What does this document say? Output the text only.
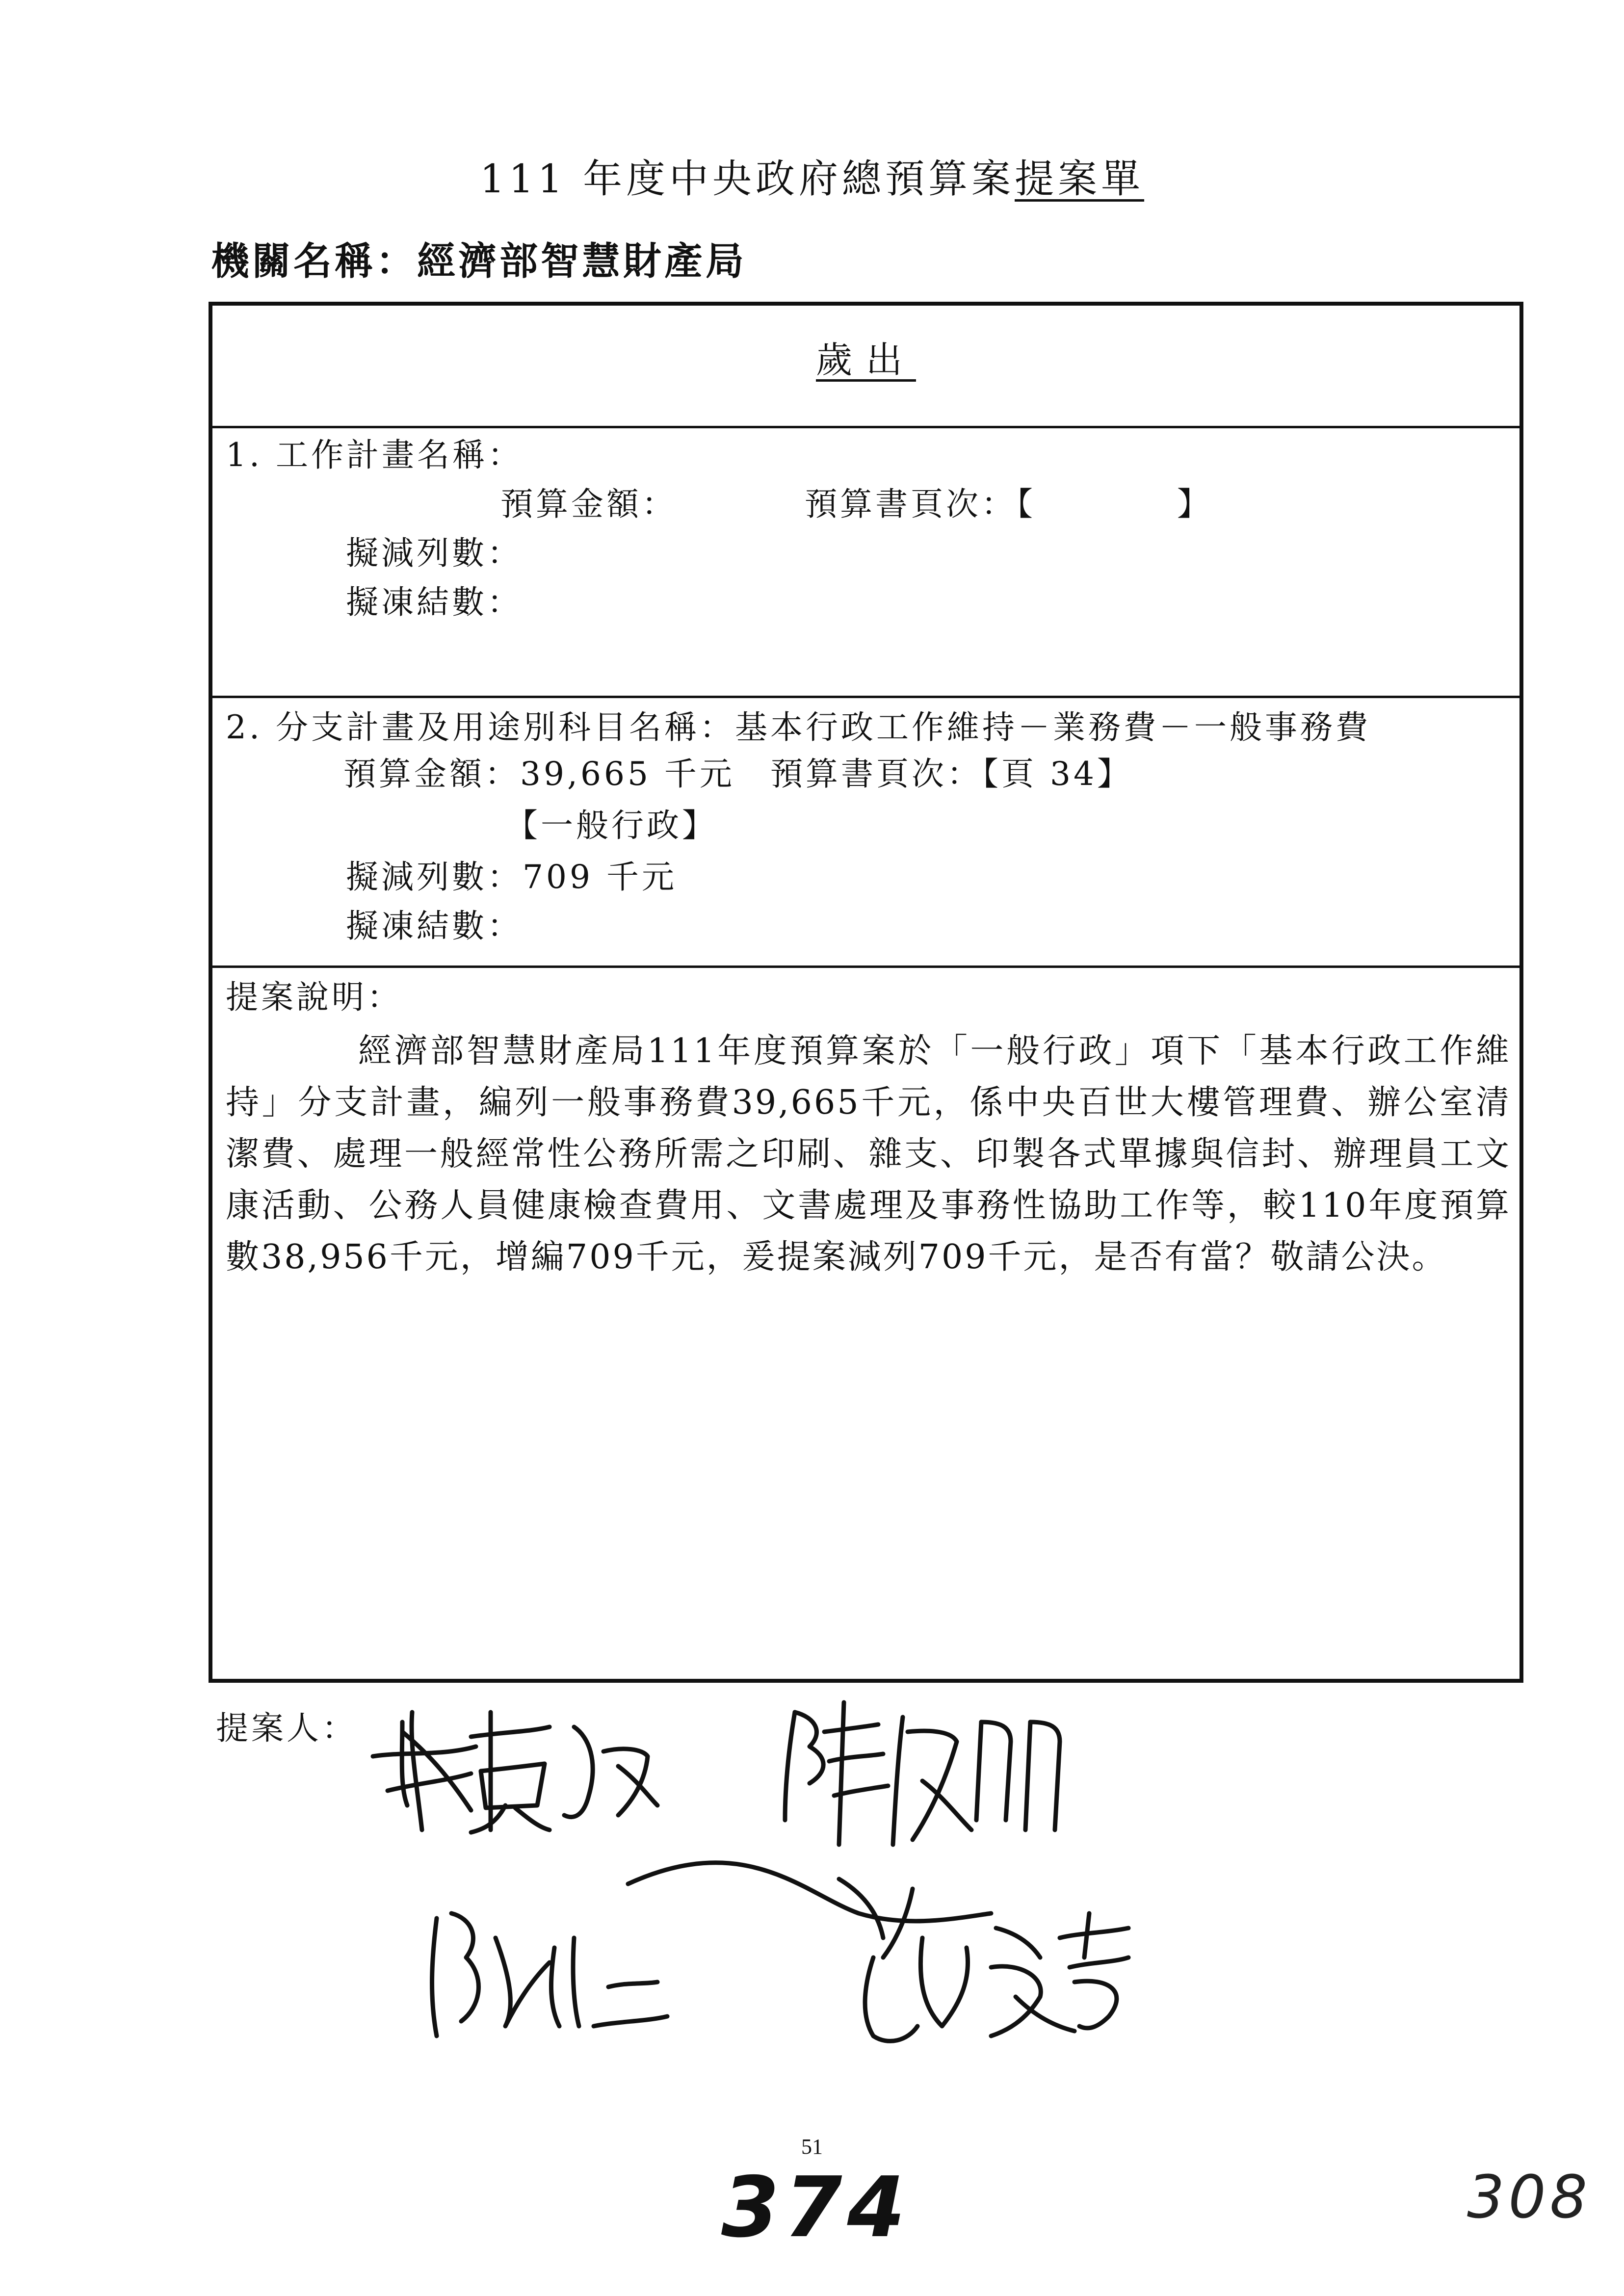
111 年度中央政府總預算案提案單
機關名稱：經濟部智慧財產局
歲出
1. 工作計畫名稱：
預算金額：	預算書頁次：【　　　　】
擬減列數：
擬凍結數：
2. 分支計畫及用途別科目名稱：基本行政工作維持－業務費－一般事務費
預算金額：39,665 千元 預算書頁次：【頁 34】
【一般行政】
擬減列數：709 千元
擬凍結數：
提案說明：

經濟部智慧財產局111年度預算案於「一般行政」項下「基本行政工作維持」分支計畫，編列一般事務費39,665千元，係中央百世大樓管理費、辦公室清潔費、處理一般經常性公務所需之印刷、雜支、印製各式單據與信封、辦理員工文康活動、公務人員健康檢查費用、文書處理及事務性協助工作等，較110年度預算數38,956千元，增編709千元，爰提案減列709千元，是否有當？敬請公決。

提案人：
51
374	308
